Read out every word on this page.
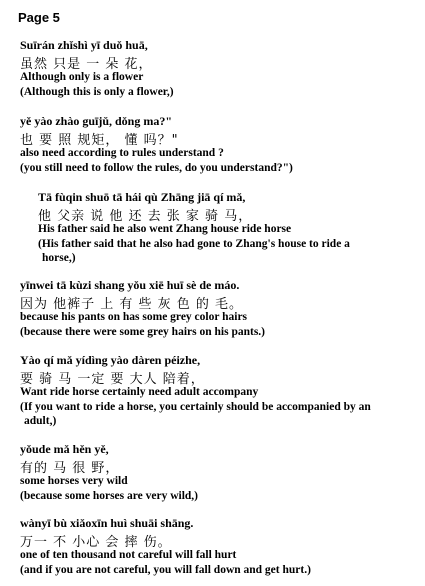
Page 5
Suīrán zhǐshì yī duǒ huā,
虽然 只是 一 朵 花，
Although only is a flower
(Although this is only a flower,)
yě yào zhào guījǔ, dǒng ma?"
也 要 照 规矩， 懂 吗？"
also need according to rules understand ?
(you still need to follow the rules, do you understand?")
Tā fùqin shuō tā hái qù Zhāng jiā qí mǎ,
他 父亲 说 他 还 去 张 家 骑 马，
His father said he also went Zhang house ride horse
(His father said that he also had gone to Zhang's house to ride a
horse,)
yīnwei tā kùzi shang yǒu xiē huī sè de máo.
因为 他裤子 上 有 些 灰 色 的 毛。
because his pants on has some grey color hairs
(because there were some grey hairs on his pants.)
Yào qí mǎ yídìng yào dàren péizhe,
要 骑 马 一定 要 大人 陪着，
Want ride horse certainly need adult accompany
(If you want to ride a horse, you certainly should be accompanied by an
adult,)
yǒude mǎ hěn yě,
有的 马 很 野，
some horses very wild
(because some horses are very wild,)
wànyī bù xiǎoxīn huì shuāi shāng.
万一 不 小心 会 摔 伤。
one of ten thousand not careful will fall hurt
(and if you are not careful, you will fall down and get hurt.)
